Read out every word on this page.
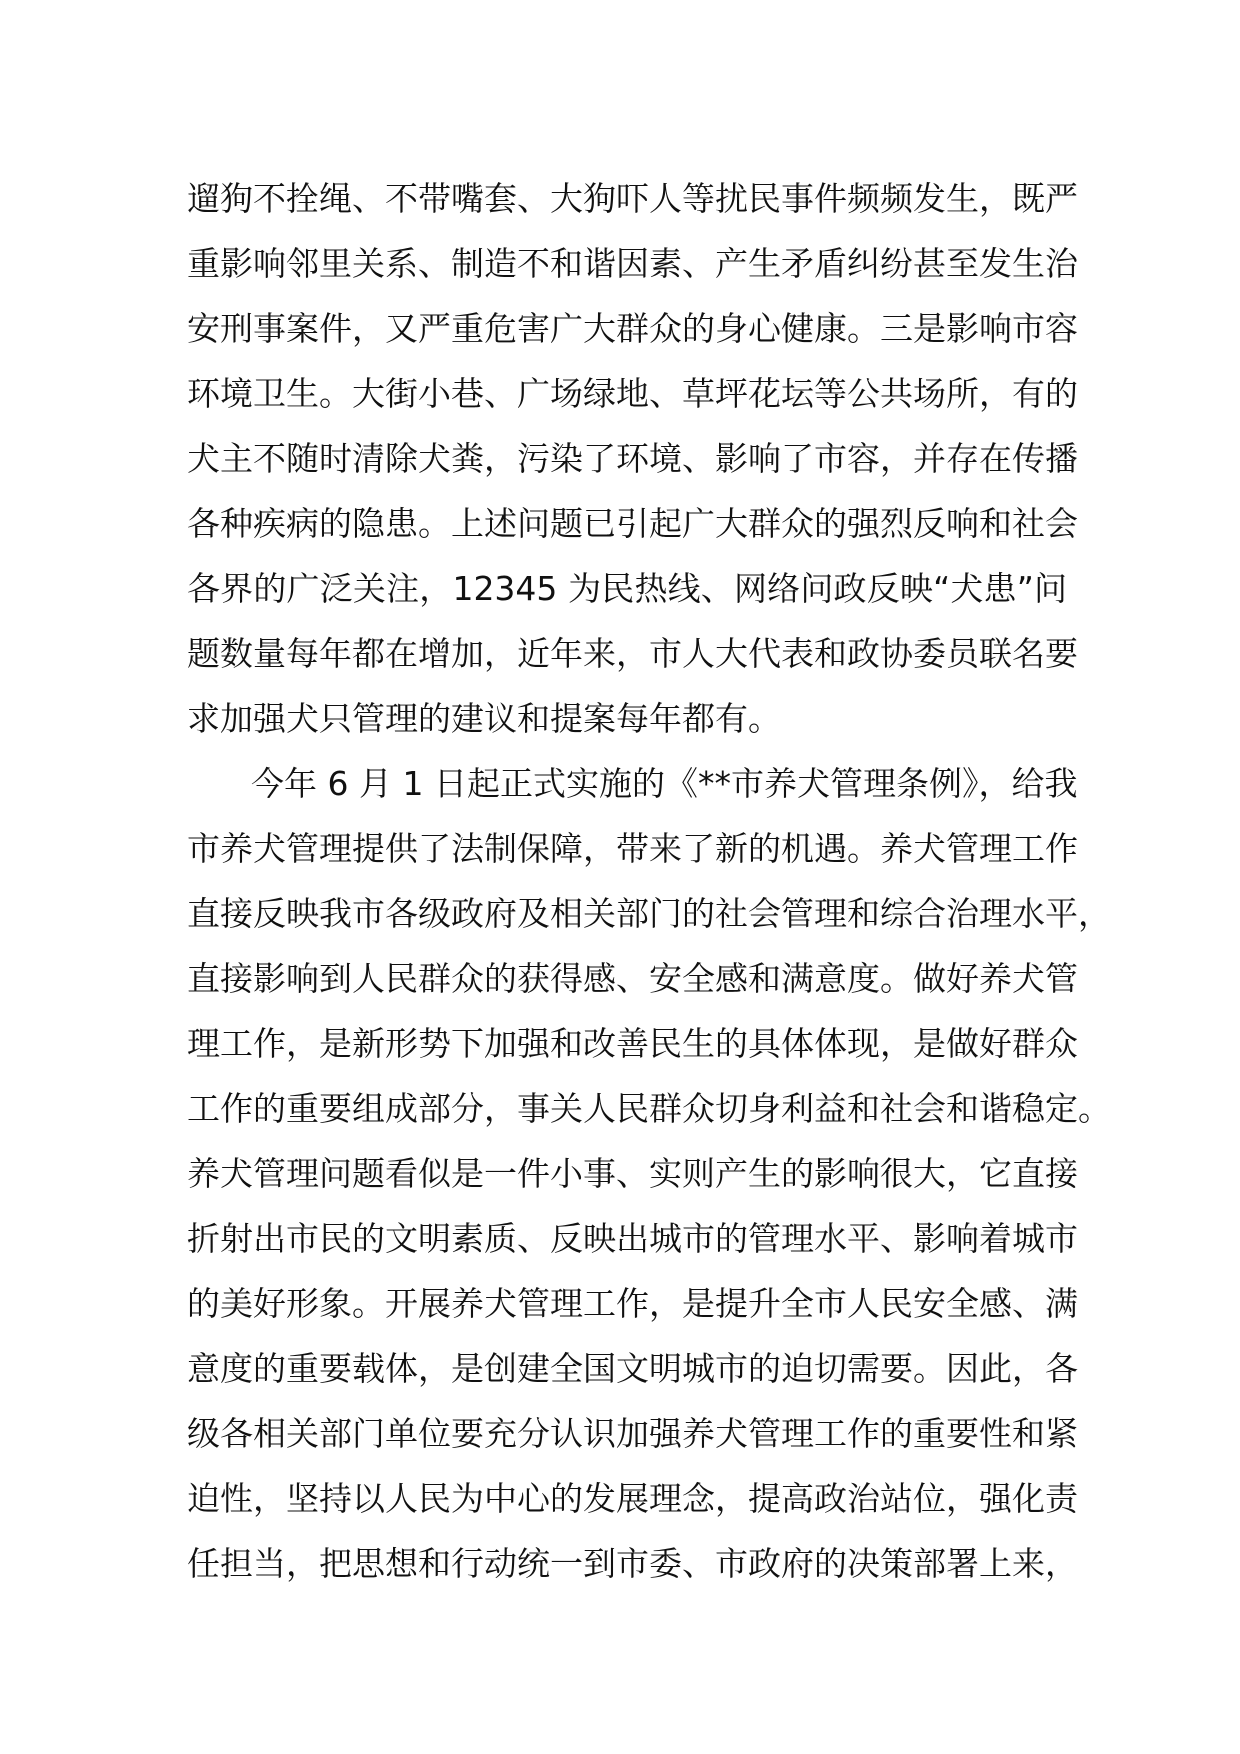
遛狗不拴绳、不带嘴套、大狗吓人等扰民事件频频发生，既严
重影响邻里关系、制造不和谐因素、产生矛盾纠纷甚至发生治
安刑事案件，又严重危害广大群众的身心健康。三是影响市容
环境卫生。大街小巷、广场绿地、草坪花坛等公共场所，有的
犬主不随时清除犬粪，污染了环境、影响了市容，并存在传播
各种疾病的隐患。上述问题已引起广大群众的强烈反响和社会
各界的广泛关注，12345 为民热线、网络问政反映“犬患”问
题数量每年都在增加，近年来，市人大代表和政协委员联名要
求加强犬只管理的建议和提案每年都有。
今年 6 月 1 日起正式实施的《**市养犬管理条例》，给我
市养犬管理提供了法制保障，带来了新的机遇。养犬管理工作
直接反映我市各级政府及相关部门的社会管理和综合治理水平，
直接影响到人民群众的获得感、安全感和满意度。做好养犬管
理工作，是新形势下加强和改善民生的具体体现，是做好群众
工作的重要组成部分，事关人民群众切身利益和社会和谐稳定。
养犬管理问题看似是一件小事、实则产生的影响很大，它直接
折射出市民的文明素质、反映出城市的管理水平、影响着城市
的美好形象。开展养犬管理工作，是提升全市人民安全感、满
意度的重要载体，是创建全国文明城市的迫切需要。因此，各
级各相关部门单位要充分认识加强养犬管理工作的重要性和紧
迫性，坚持以人民为中心的发展理念，提高政治站位，强化责
任担当，把思想和行动统一到市委、市政府的决策部署上来，
